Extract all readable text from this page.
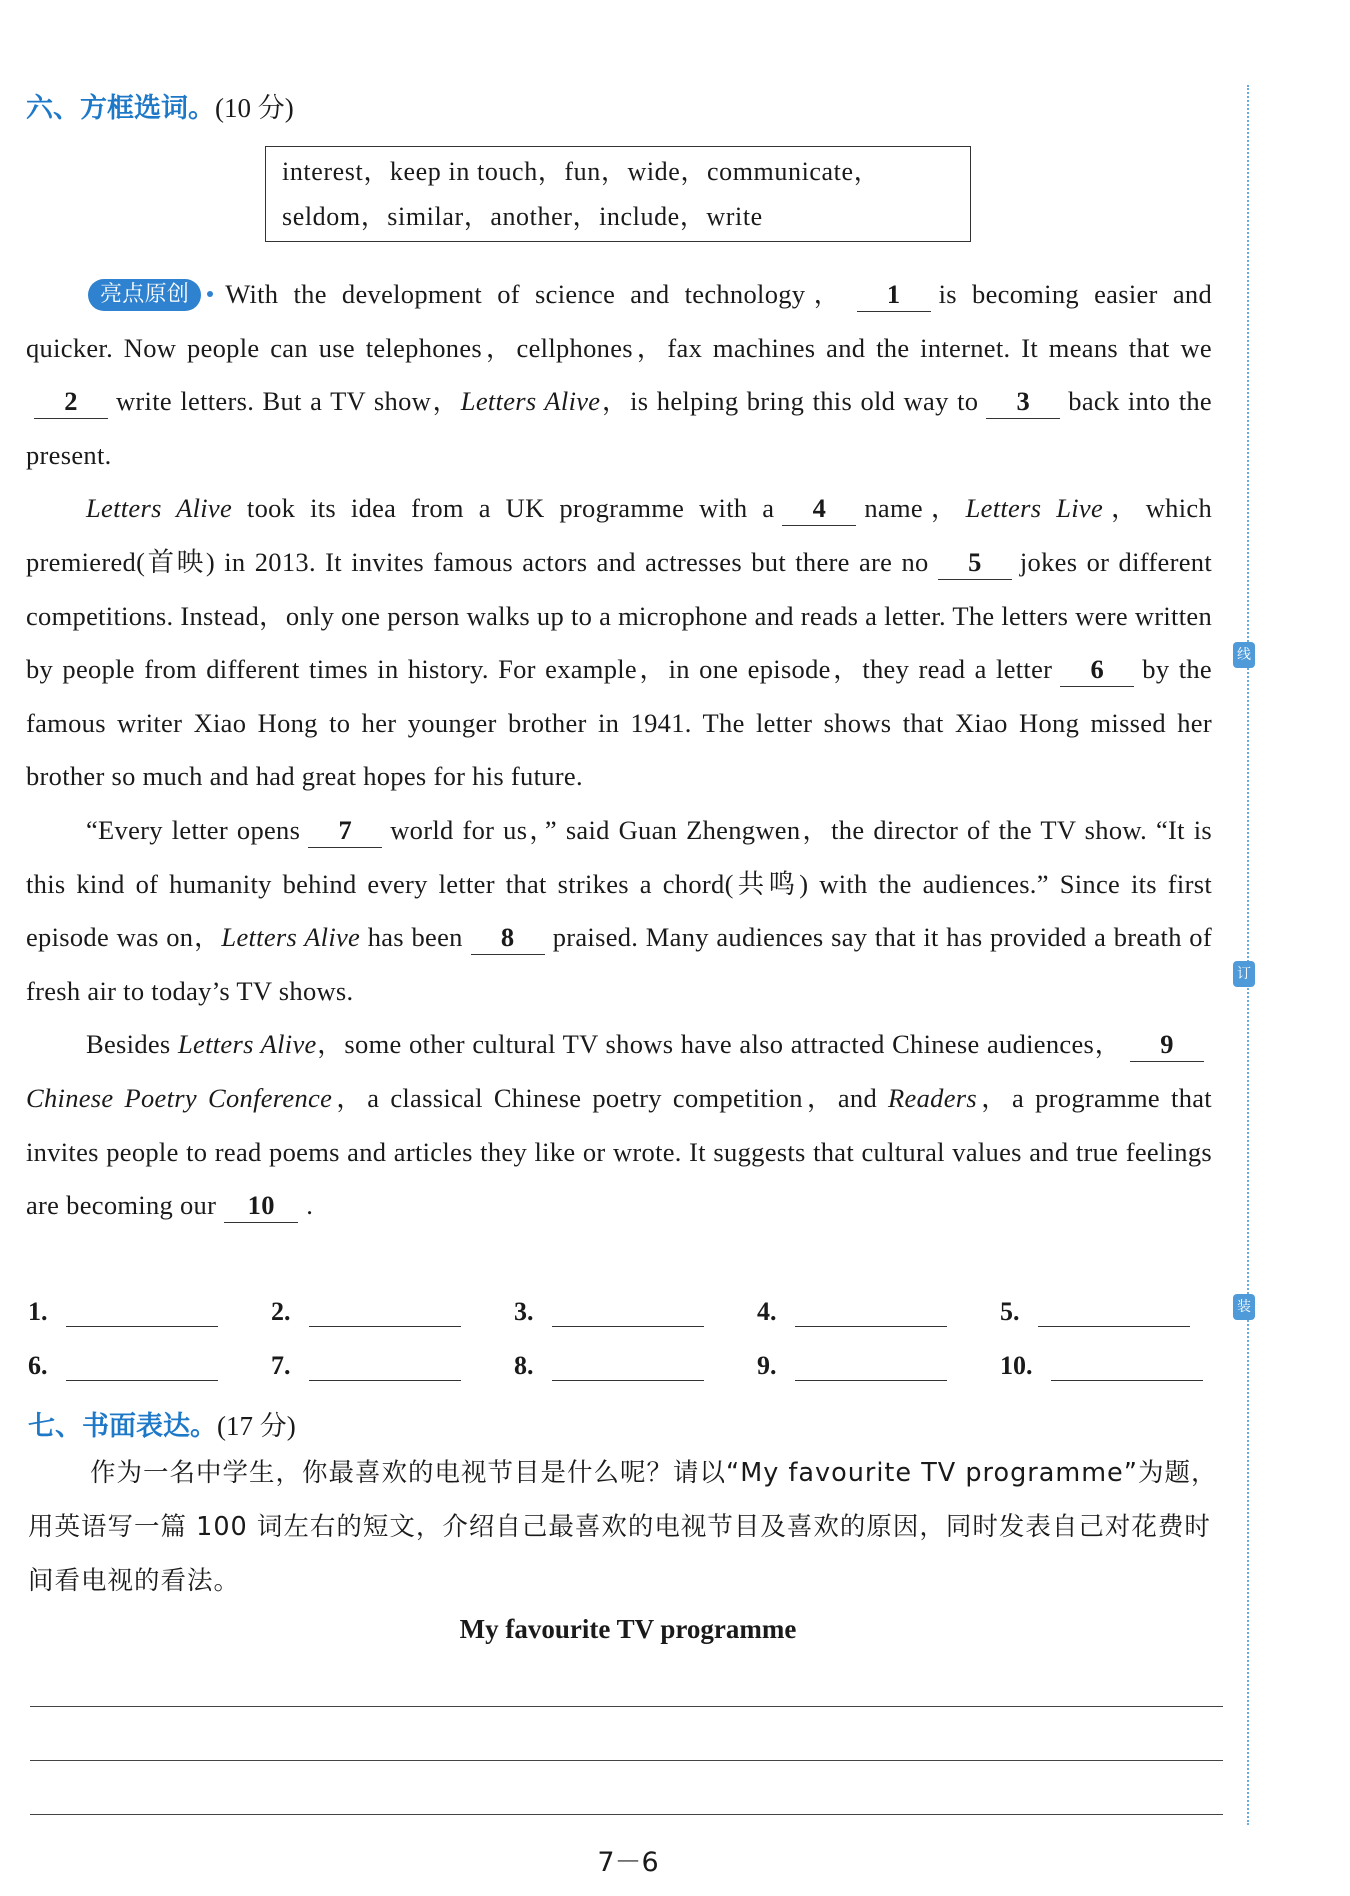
线
订
装
六、方框选词。(10 分)
interest，keep in touch，fun，wide，communicate，
seldom，similar，another，include，write

亮点原创 With the development of science and technology， 1 is becoming easier and quicker. Now people can use telephones，cellphones，fax machines and the internet. It means that we2 write letters. But a TV show，Letters Alive，is helping bring this old way to 3 back into the present.

Letters Alive took its idea from a UK programme with a 4 name，Letters Live，which premiered(首映) in 2013. It invites famous actors and actresses but there are no 5 jokes or different competitions. Instead，only one person walks up to a microphone and reads a letter. The letters were written by people from different times in history. For example，in one episode，they read a letter 6 by the famous writer Xiao Hong to her younger brother in 1941. The letter shows that Xiao Hong missed her brother so much and had great hopes for his future.

“Every letter opens 7 world for us，” said Guan Zhengwen，the director of the TV show. “It is this kind of humanity behind every letter that strikes a chord(共鸣) with the audiences.” Since its first episode was on，Letters Alive has been 8 praised. Many audiences say that it has provided a breath of fresh air to today’s TV shows.

Besides Letters Alive，some other cultural TV shows have also attracted Chinese audiences， 9Chinese Poetry Conference，a classical Chinese poetry competition，and Readers，a programme that invites people to read poems and articles they like or wrote. It suggests that cultural values and true feelings are becoming our 10 .

1.	2.	3.	4.	5.
6.	7.	8.	9.	10.
七、书面表达。(17 分)

作为一名中学生，你最喜欢的电视节目是什么呢？请以“My favourite TV programme”为题，用英语写一篇 100 词左右的短文，介绍自己最喜欢的电视节目及喜欢的原因，同时发表自己对花费时间看电视的看法。

My favourite TV programme
7－6
